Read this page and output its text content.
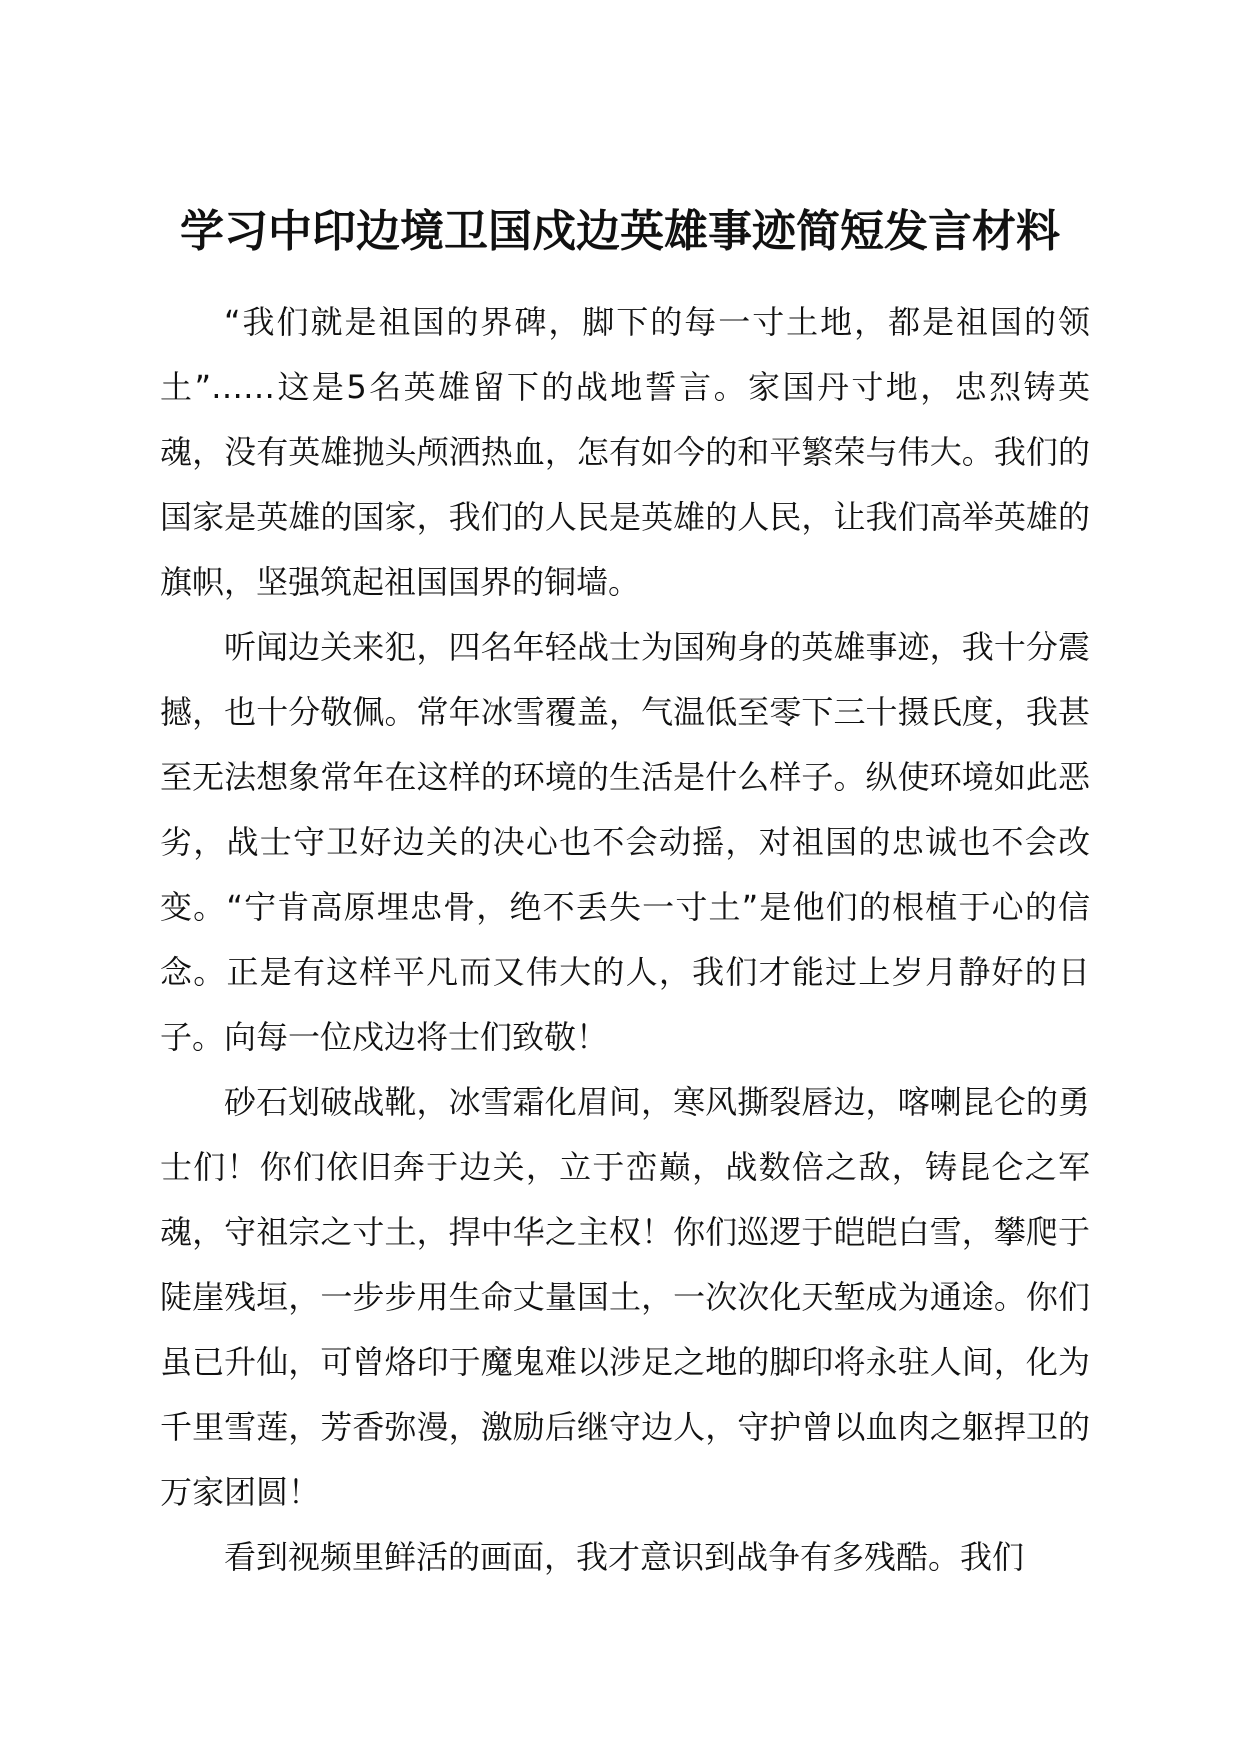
学习中印边境卫国戍边英雄事迹简短发言材料

“我们就是祖国的界碑，脚下的每一寸土地，都是祖国的领土”……这是5名英雄留下的战地誓言。家国丹寸地，忠烈铸英魂，没有英雄抛头颅洒热血，怎有如今的和平繁荣与伟大。我们的国家是英雄的国家，我们的人民是英雄的人民，让我们高举英雄的旗帜，坚强筑起祖国国界的铜墙。

听闻边关来犯，四名年轻战士为国殉身的英雄事迹，我十分震撼，也十分敬佩。常年冰雪覆盖，气温低至零下三十摄氏度，我甚至无法想象常年在这样的环境的生活是什么样子。纵使环境如此恶劣，战士守卫好边关的决心也不会动摇，对祖国的忠诚也不会改变。“宁肯高原埋忠骨，绝不丢失一寸土”是他们的根植于心的信念。正是有这样平凡而又伟大的人，我们才能过上岁月静好的日子。向每一位戍边将士们致敬！

砂石划破战靴，冰雪霜化眉间，寒风撕裂唇边，喀喇昆仑的勇士们！你们依旧奔于边关，立于峦巅，战数倍之敌，铸昆仑之军魂，守祖宗之寸土，捍中华之主权！你们巡逻于皑皑白雪，攀爬于陡崖残垣，一步步用生命丈量国土，一次次化天堑成为通途。你们虽已升仙，可曾烙印于魔鬼难以涉足之地的脚印将永驻人间，化为千里雪莲，芳香弥漫，激励后继守边人，守护曾以血肉之躯捍卫的万家团圆！

看到视频里鲜活的画面，我才意识到战争有多残酷。我们
